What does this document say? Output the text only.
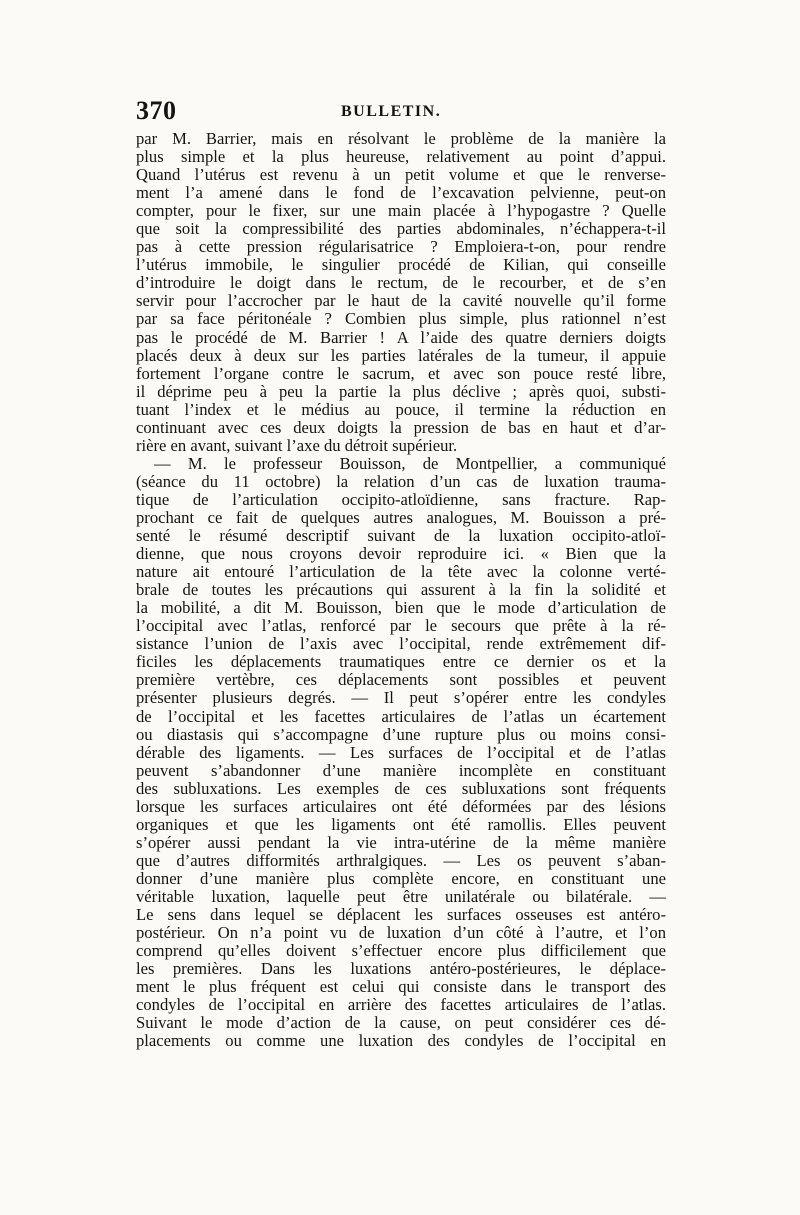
370	BULLETIN.
par M. Barrier, mais en résolvant le problème de la manière la
plus simple et la plus heureuse, relativement au point d’appui.
Quand l’utérus est revenu à un petit volume et que le renverse-
ment l’a amené dans le fond de l’excavation pelvienne, peut-on
compter, pour le fixer, sur une main placée à l’hypogastre ? Quelle
que soit la compressibilité des parties abdominales, n’échappera-t-il
pas à cette pression régularisatrice ? Emploiera-t-on, pour rendre
l’utérus immobile, le singulier procédé de Kilian, qui conseille
d’introduire le doigt dans le rectum, de le recourber, et de s’en
servir pour l’accrocher par le haut de la cavité nouvelle qu’il forme
par sa face péritonéale ? Combien plus simple, plus rationnel n’est
pas le procédé de M. Barrier ! A l’aide des quatre derniers doigts
placés deux à deux sur les parties latérales de la tumeur, il appuie
fortement l’organe contre le sacrum, et avec son pouce resté libre,
il déprime peu à peu la partie la plus déclive ; après quoi, substi-
tuant l’index et le médius au pouce, il termine la réduction en
continuant avec ces deux doigts la pression de bas en haut et d’ar-
rière en avant, suivant l’axe du détroit supérieur.
— M. le professeur Bouisson, de Montpellier, a communiqué
(séance du 11 octobre) la relation d’un cas de luxation trauma-
tique de l’articulation occipito-atloïdienne, sans fracture. Rap-
prochant ce fait de quelques autres analogues, M. Bouisson a pré-
senté le résumé descriptif suivant de la luxation occipito-atloï-
dienne, que nous croyons devoir reproduire ici. « Bien que la
nature ait entouré l’articulation de la tête avec la colonne verté-
brale de toutes les précautions qui assurent à la fin la solidité et
la mobilité, a dit M. Bouisson, bien que le mode d’articulation de
l’occipital avec l’atlas, renforcé par le secours que prête à la ré-
sistance l’union de l’axis avec l’occipital, rende extrêmement dif-
ficiles les déplacements traumatiques entre ce dernier os et la
première vertèbre, ces déplacements sont possibles et peuvent
présenter plusieurs degrés. — Il peut s’opérer entre les condyles
de l’occipital et les facettes articulaires de l’atlas un écartement
ou diastasis qui s’accompagne d’une rupture plus ou moins consi-
dérable des ligaments. — Les surfaces de l’occipital et de l’atlas
peuvent s’abandonner d’une manière incomplète en constituant
des subluxations. Les exemples de ces subluxations sont fréquents
lorsque les surfaces articulaires ont été déformées par des lésions
organiques et que les ligaments ont été ramollis. Elles peuvent
s’opérer aussi pendant la vie intra-utérine de la même manière
que d’autres difformités arthralgiques. — Les os peuvent s’aban-
donner d’une manière plus complète encore, en constituant une
véritable luxation, laquelle peut être unilatérale ou bilatérale. —
Le sens dans lequel se déplacent les surfaces osseuses est antéro-
postérieur. On n’a point vu de luxation d’un côté à l’autre, et l’on
comprend qu’elles doivent s’effectuer encore plus difficilement que
les premières. Dans les luxations antéro-postérieures, le déplace-
ment le plus fréquent est celui qui consiste dans le transport des
condyles de l’occipital en arrière des facettes articulaires de l’atlas.
Suivant le mode d’action de la cause, on peut considérer ces dé-
placements ou comme une luxation des condyles de l’occipital en
